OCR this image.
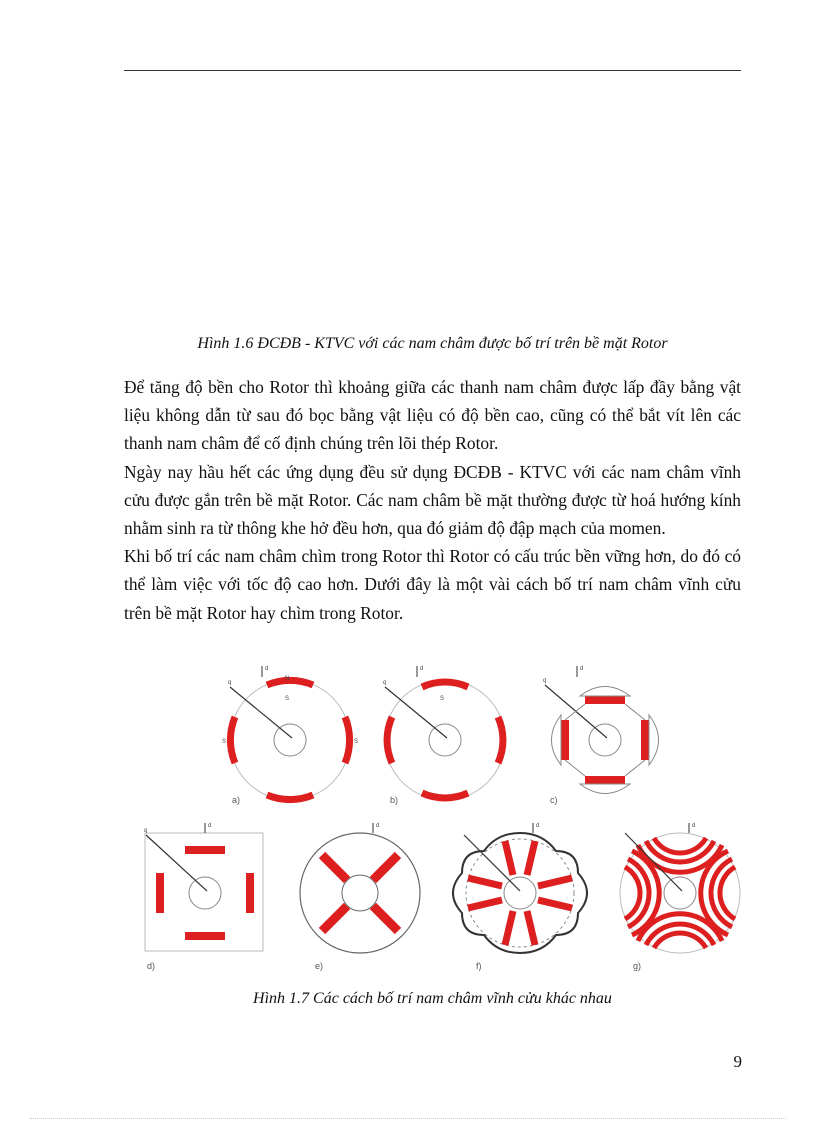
Hình 1.6 ĐCĐB - KTVC với các nam châm được bố trí trên bề mặt Rotor

Để tăng độ bền cho Rotor thì khoảng giữa các thanh nam châm được lấp đầy bằng vật liệu không dẫn từ sau đó bọc bằng vật liệu có độ bền cao, cũng có thể bắt vít lên các thanh nam châm để cố định chúng trên lõi thép Rotor.

Ngày nay hầu hết các ứng dụng đều sử dụng ĐCĐB - KTVC với các nam châm vĩnh cửu được gắn trên bề mặt Rotor. Các nam châm bề mặt thường được từ hoá hướng kính nhằm sinh ra từ thông khe hở đều hơn, qua đó giảm độ đập mạch của momen.

Khi bố trí các nam châm chìm trong Rotor thì Rotor có cấu trúc bền vững hơn, do đó có thể làm việc với tốc độ cao hơn. Dưới đây là một vài cách bố trí nam châm vĩnh cửu trên bề mặt Rotor hay chìm trong Rotor.

d
q
N
S
S	S
d
q
S
d
q
d
q
d	d	d
a)	b)	c)
d)	e)	f)	g)
Hình 1.7 Các cách bố trí nam châm vĩnh cửu khác nhau
9
